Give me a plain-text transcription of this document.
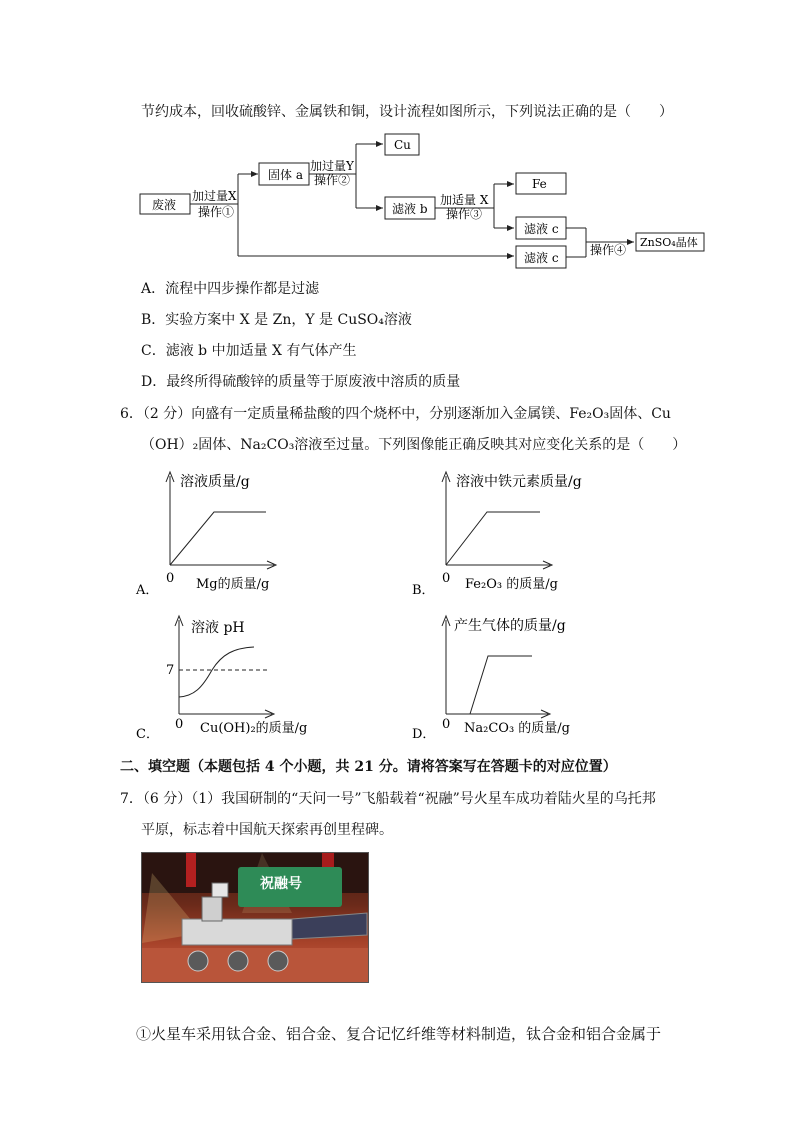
节约成本，回收硫酸锌、金属铁和铜，设计流程如图所示，下列说法正确的是（　　）
废液
加过量X
操作①
固体 a
加过量Y
操作②
Cu
滤液 b
加适量 X
操作③
Fe
滤液 c
滤液 c
操作④
ZnSO₄晶体
A．流程中四步操作都是过滤
B．实验方案中 X 是 Zn，Y 是 CuSO₄溶液
C．滤液 b 中加适量 X 有气体产生
D．最终所得硫酸锌的质量等于原废液中溶质的质量
6．（2 分）向盛有一定质量稀盐酸的四个烧杯中，分别逐渐加入金属镁、Fe₂O₃固体、Cu
（OH）₂固体、Na₂CO₃溶液至过量。下列图像能正确反映其对应变化关系的是（　　）
溶液质量/g
0 Mg的质量/g
A．
溶液中铁元素质量/g
0 Fe₂O₃ 的质量/g
B．
溶液 pH
7
0 Cu(OH)₂的质量/g
C．
产生气体的质量/g
0 Na₂CO₃ 的质量/g
D．
二、填空题（本题包括 4 个小题，共 21 分。请将答案写在答题卡的对应位置）
7．（6 分）（1）我国研制的“天问一号”飞船载着“祝融”号火星车成功着陆火星的乌托邦
平原，标志着中国航天探索再创里程碑。
祝融号
①火星车采用钛合金、铝合金、复合记忆纤维等材料制造，钛合金和铝合金属于
